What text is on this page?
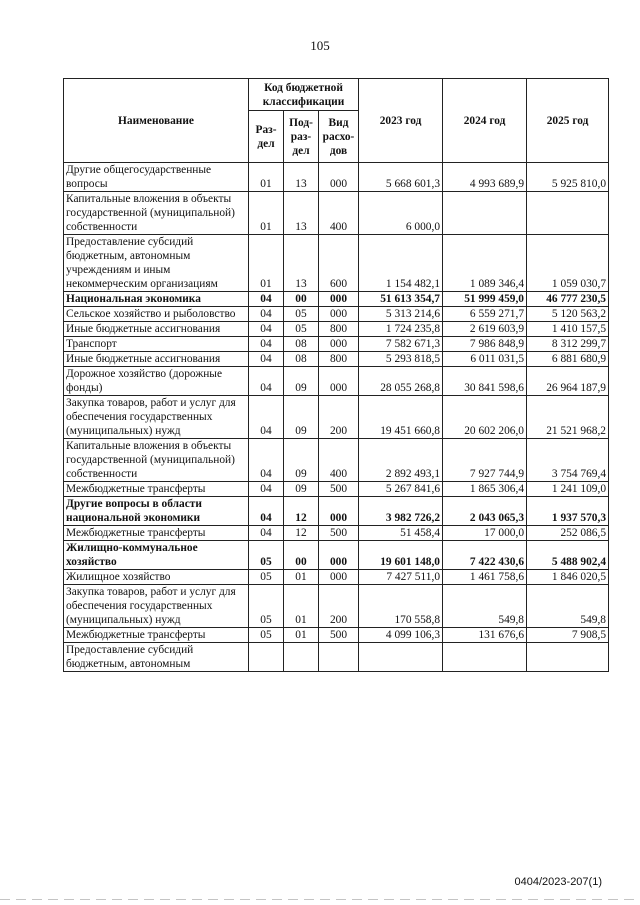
105
Наименование	Код бюджетной классификации			2023 год	2024 год	2025 год
	Раз-дел	Под-раз-дел	Вид расхо-дов			
Другие общегосударственные вопросы	01	13	000	5 668 601,3	4 993 689,9	5 925 810,0
Капитальные вложения в объекты государственной (муниципальной) собственности	01	13	400	6 000,0		
Предоставление субсидий бюджетным, автономным учреждениям и иным некоммерческим организациям	01	13	600	1 154 482,1	1 089 346,4	1 059 030,7
Национальная экономика	04	00	000	51 613 354,7	51 999 459,0	46 777 230,5
Сельское хозяйство и рыболовство	04	05	000	5 313 214,6	6 559 271,7	5 120 563,2
Иные бюджетные ассигнования	04	05	800	1 724 235,8	2 619 603,9	1 410 157,5
Транспорт	04	08	000	7 582 671,3	7 986 848,9	8 312 299,7
Иные бюджетные ассигнования	04	08	800	5 293 818,5	6 011 031,5	6 881 680,9
Дорожное хозяйство (дорожные фонды)	04	09	000	28 055 268,8	30 841 598,6	26 964 187,9
Закупка товаров, работ и услуг для обеспечения государственных (муниципальных) нужд	04	09	200	19 451 660,8	20 602 206,0	21 521 968,2
Капитальные вложения в объекты государственной (муниципальной) собственности	04	09	400	2 892 493,1	7 927 744,9	3 754 769,4
Межбюджетные трансферты	04	09	500	5 267 841,6	1 865 306,4	1 241 109,0
Другие вопросы в области национальной экономики	04	12	000	3 982 726,2	2 043 065,3	1 937 570,3
Межбюджетные трансферты	04	12	500	51 458,4	17 000,0	252 086,5
Жилищно-коммунальное хозяйство	05	00	000	19 601 148,0	7 422 430,6	5 488 902,4
Жилищное хозяйство	05	01	000	7 427 511,0	1 461 758,6	1 846 020,5
Закупка товаров, работ и услуг для обеспечения государственных (муниципальных) нужд	05	01	200	170 558,8	549,8	549,8
Межбюджетные трансферты	05	01	500	4 099 106,3	131 676,6	7 908,5
Предоставление субсидий бюджетным, автономным						
0404/2023-207(1)
